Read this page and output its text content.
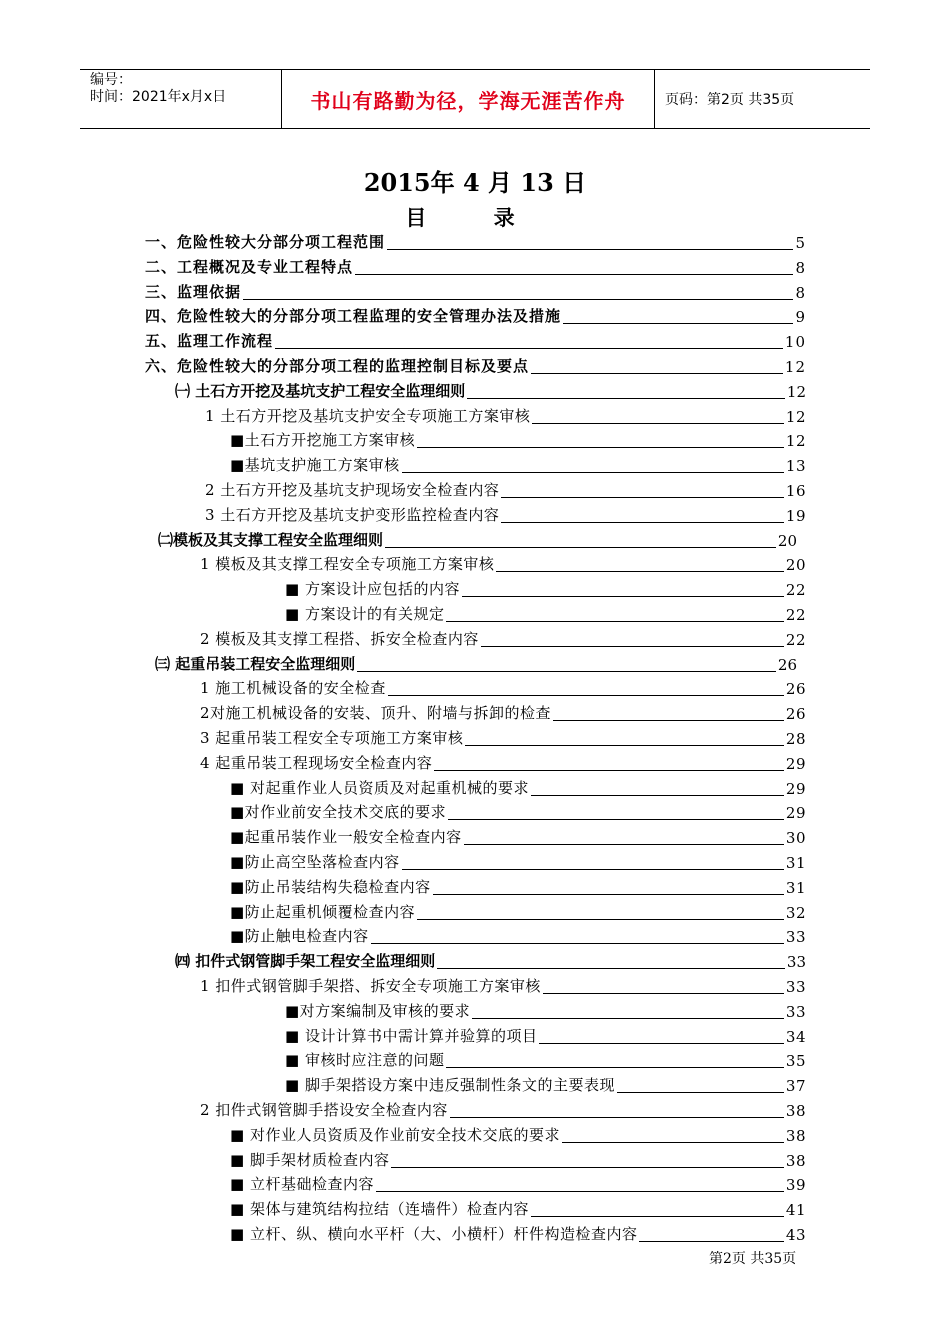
编号：
时间：2021年x月x日	书山有路勤为径，学海无涯苦作舟	页码：第2页 共35页
2015年 4 月 13 日
目 录
一、危险性较大分部分项工程范围	5
二、工程概况及专业工程特点	8
三、监理依据	8
四、危险性较大的分部分项工程监理的安全管理办法及措施	9
五、监理工作流程	10
六、危险性较大的分部分项工程的监理控制目标及要点	12
㈠ 土石方开挖及基坑支护工程安全监理细则	12
1 土石方开挖及基坑支护安全专项施工方案审核	12
■土石方开挖施工方案审核	12
■基坑支护施工方案审核	13
2 土石方开挖及基坑支护现场安全检查内容	16
3 土石方开挖及基坑支护变形监控检查内容	19
㈡模板及其支撑工程安全监理细则	20
1 模板及其支撑工程安全专项施工方案审核	20
■ 方案设计应包括的内容	22
■ 方案设计的有关规定	22
2 模板及其支撑工程搭、拆安全检查内容	22
㈢ 起重吊装工程安全监理细则	26
1 施工机械设备的安全检查	26
2对施工机械设备的安装、顶升、附墙与拆卸的检查	26
3 起重吊装工程安全专项施工方案审核	28
4 起重吊装工程现场安全检查内容	29
■ 对起重作业人员资质及对起重机械的要求	29
■对作业前安全技术交底的要求	29
■起重吊装作业一般安全检查内容	30
■防止高空坠落检查内容	31
■防止吊装结构失稳检查内容	31
■防止起重机倾覆检查内容	32
■防止触电检查内容	33
㈣ 扣件式钢管脚手架工程安全监理细则	33
1 扣件式钢管脚手架搭、拆安全专项施工方案审核	33
■对方案编制及审核的要求	33
■ 设计计算书中需计算并验算的项目	34
■ 审核时应注意的问题	35
■ 脚手架搭设方案中违反强制性条文的主要表现	37
2 扣件式钢管脚手搭设安全检查内容	38
■ 对作业人员资质及作业前安全技术交底的要求	38
■ 脚手架材质检查内容	38
■ 立杆基础检查内容	39
■ 架体与建筑结构拉结（连墙件）检查内容	41
■ 立杆、纵、横向水平杆（大、小横杆）杆件构造检查内容	43
第2页 共35页
